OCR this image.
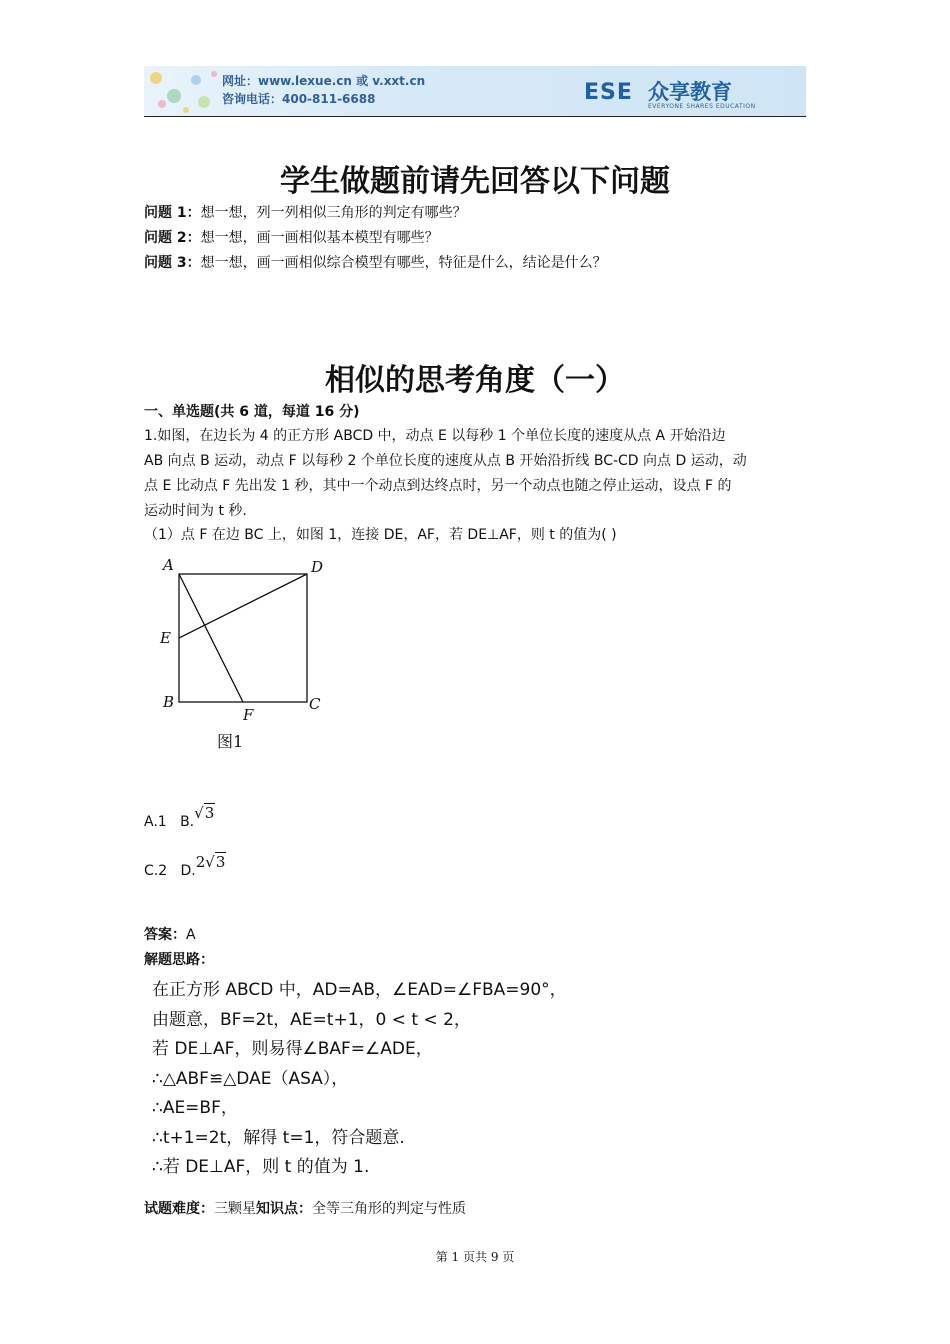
网址：www.lexue.cn 或 v.xxt.cn
咨询电话：400-811-6688	ESE 众享教育
EVERYONE SHARES EDUCATION
学生做题前请先回答以下问题
问题 1：想一想，列一列相似三角形的判定有哪些？
问题 2：想一想，画一画相似基本模型有哪些？
问题 3：想一想，画一画相似综合模型有哪些，特征是什么，结论是什么？
相似的思考角度（一）
一、单选题(共 6 道，每道 16 分)
1.如图，在边长为 4 的正方形 ABCD 中，动点 E 以每秒 1 个单位长度的速度从点 A 开始沿边
AB 向点 B 运动，动点 F 以每秒 2 个单位长度的速度从点 B 开始沿折线 BC-CD 向点 D 运动，动
点 E 比动点 F 先出发 1 秒，其中一个动点到达终点时，另一个动点也随之停止运动，设点 F 的
运动时间为 t 秒.
（1）点 F 在边 BC 上，如图 1，连接 DE，AF，若 DE⊥AF，则 t 的值为( )
A	D
E
B	C
F
图1
A.1 B.√3
C.2 D.2√3
答案：A
解题思路：
在正方形 ABCD 中，AD=AB，∠EAD=∠FBA=90°，
由题意，BF=2t，AE=t+1，0 < t < 2，
若 DE⊥AF，则易得∠BAF=∠ADE，
∴△ABF≌△DAE（ASA），
∴AE=BF，
∴t+1=2t，解得 t=1，符合题意.
∴若 DE⊥AF，则 t 的值为 1.
试题难度：三颗星知识点：全等三角形的判定与性质
第 1 页共 9 页
